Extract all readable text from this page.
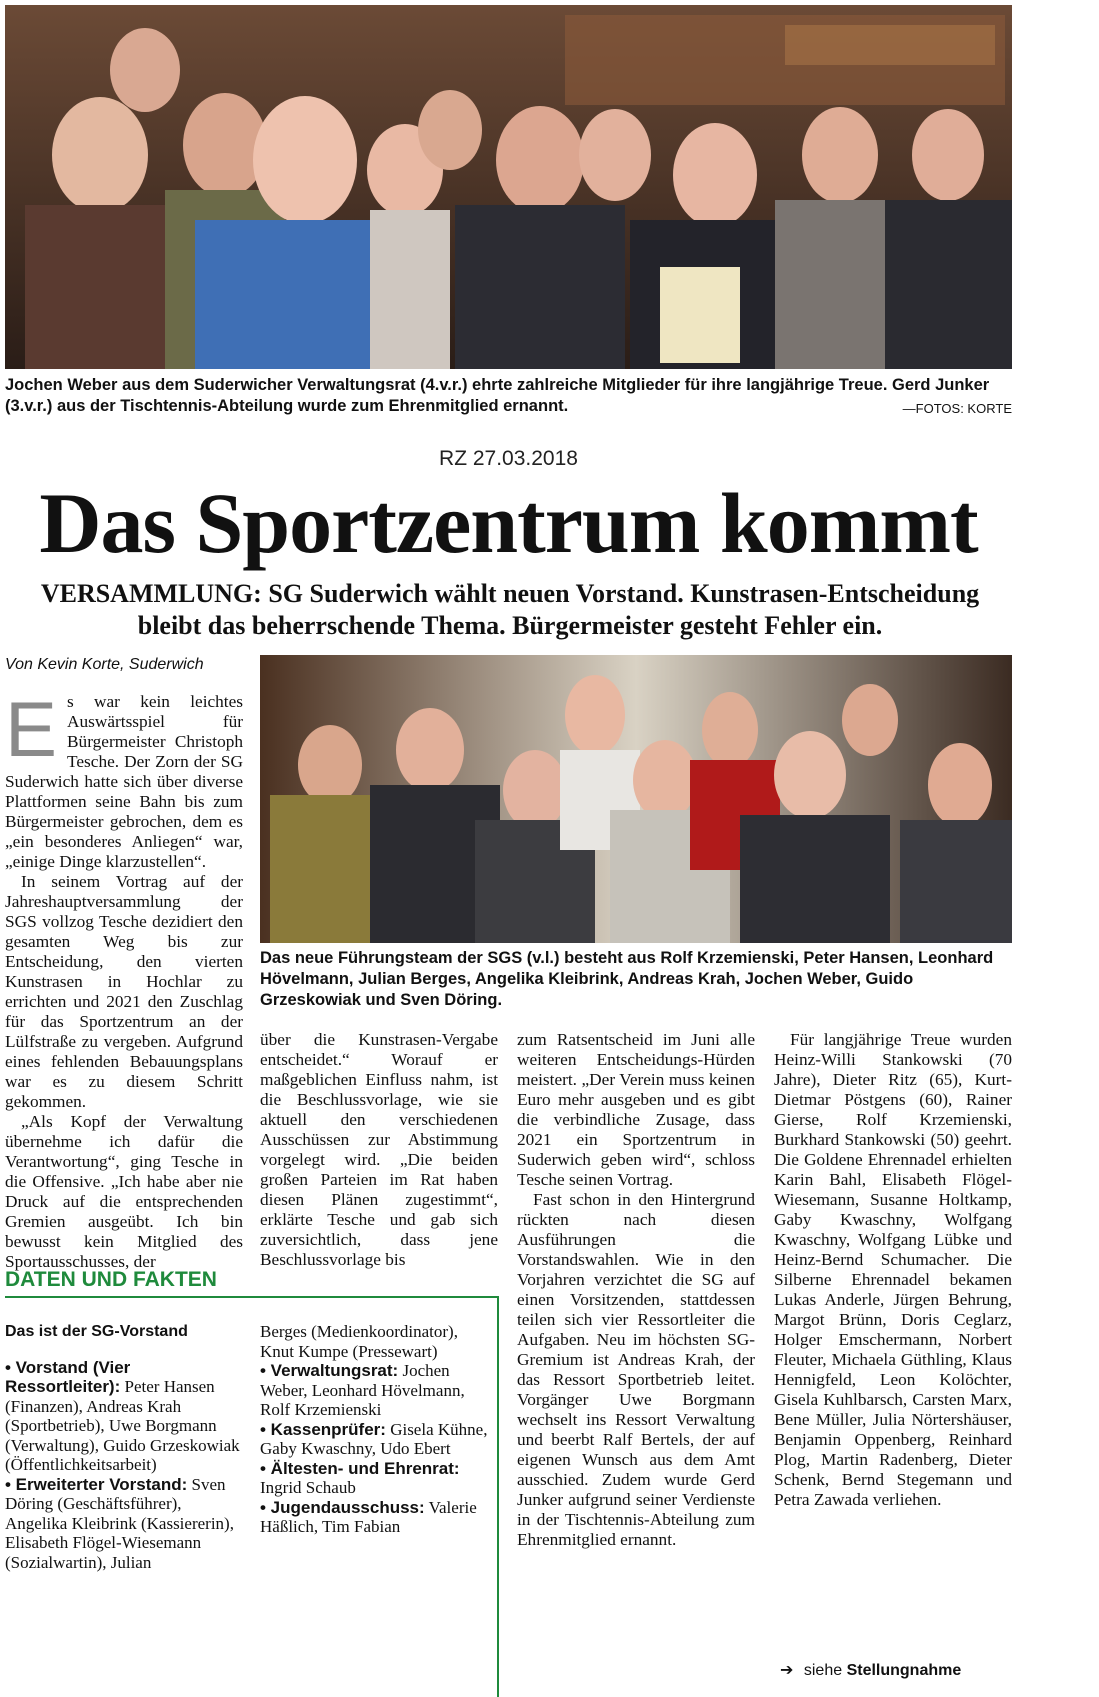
Jochen Weber aus dem Suderwicher Verwaltungsrat (4.v.r.) ehrte zahlreiche Mitglieder für ihre langjährige Treue. Gerd Junker (3.v.r.) aus der Tischtennis-Abteilung wurde zum Ehrenmitglied ernannt.	—FOTOS: KORTE
RZ 27.03.2018
Das Sportzentrum kommt
VERSAMMLUNG: SG Suderwich wählt neuen Vorstand. Kunstrasen-Entscheidung bleibt das beherrschende Thema. Bürgermeister gesteht Fehler ein.
Von Kevin Korte, Suderwich
Das neue Führungsteam der SGS (v.l.) besteht aus Rolf Krzemienski, Peter Hansen, Leonhard Hövelmann, Julian Berges, Angelika Kleibrink, Andreas Krah, Jochen Weber, Guido Grzeskowiak und Sven Döring.

Es war kein leichtes Auswärtsspiel für Bürgermeister Christoph Tesche. Der Zorn der SG Suderwich hatte sich über diverse Plattformen seine Bahn bis zum Bürgermeister gebrochen, dem es „ein besonderes Anliegen“ war, „einige Dinge klarzustellen“.

In seinem Vortrag auf der Jahreshauptversammlung der SGS vollzog Tesche dezidiert den gesamten Weg bis zur Entscheidung, den vierten Kunstrasen in Hochlar zu errichten und 2021 den Zuschlag für das Sportzentrum an der Lülfstraße zu vergeben. Aufgrund eines fehlenden Bebauungsplans war es zu diesem Schritt gekommen.

„Als Kopf der Verwaltung übernehme ich dafür die Verantwortung“, ging Tesche in die Offensive. „Ich habe aber nie Druck auf die entsprechenden Gremien ausgeübt. Ich bin bewusst kein Mitglied des Sportausschusses, der

über die Kunstrasen-Vergabe entscheidet.“ Worauf er maßgeblichen Einfluss nahm, ist die Beschlussvorlage, wie sie aktuell den verschiedenen Ausschüssen zur Abstimmung vorgelegt wird. „Die beiden großen Parteien im Rat haben diesen Plänen zugestimmt“, erklärte Tesche und gab sich zuversichtlich, dass jene Beschlussvorlage bis

zum Ratsentscheid im Juni alle weiteren Entscheidungs-Hürden meistert. „Der Verein muss keinen Euro mehr ausgeben und es gibt die verbindliche Zusage, dass 2021 ein Sportzentrum in Suderwich geben wird“, schloss Tesche seinen Vortrag.

Fast schon in den Hintergrund rückten nach diesen Ausführungen die Vorstandswahlen. Wie in den Vorjahren verzichtet die SG auf einen Vorsitzenden, stattdessen teilen sich vier Ressortleiter die Aufgaben. Neu im höchsten SG-Gremium ist Andreas Krah, der das Ressort Sportbetrieb leitet. Vorgänger Uwe Borgmann wechselt ins Ressort Verwaltung und beerbt Ralf Bertels, der auf eigenen Wunsch aus dem Amt ausschied. Zudem wurde Gerd Junker aufgrund seiner Verdienste in der Tischtennis-Abteilung zum Ehrenmitglied ernannt.

Für langjährige Treue wurden Heinz-Willi Stankowski (70 Jahre), Dieter Ritz (65), Kurt-Dietmar Pöstgens (60), Rainer Gierse, Rolf Krzemienski, Burkhard Stankowski (50) geehrt. Die Goldene Ehrennadel erhielten Karin Bahl, Elisabeth Flögel-Wiesemann, Susanne Holtkamp, Gaby Kwaschny, Wolfgang Kwaschny, Wolfgang Lübke und Heinz-Bernd Schumacher. Die Silberne Ehrennadel bekamen Lukas Anderle, Jürgen Behrung, Margot Brünn, Doris Ceglarz, Holger Emschermann, Norbert Fleuter, Michaela Güthling, Klaus Hennigfeld, Leon Kolöchter, Gisela Kuhlbarsch, Carsten Marx, Bene Müller, Julia Nörtershäuser, Benjamin Oppenberg, Reinhard Plog, Martin Radenberg, Dieter Schenk, Bernd Stegemann und Petra Zawada verliehen.

➔ siehe Stellungnahme
DATEN UND FAKTEN
Das ist der SG-Vorstand

• Vorstand (Vier Ressortleiter): Peter Hansen (Finanzen), Andreas Krah (Sportbetrieb), Uwe Borgmann (Verwaltung), Guido Grzeskowiak (Öffentlichkeitsarbeit)

• Erweiterter Vorstand: Sven Döring (Geschäftsführer), Angelika Kleibrink (Kassiererin), Elisabeth Flögel-Wiesemann (Sozialwartin), Julian

Berges (Medienkoordinator), Knut Kumpe (Pressewart)

• Verwaltungsrat: Jochen Weber, Leonhard Hövelmann, Rolf Krzemienski

• Kassenprüfer: Gisela Kühne, Gaby Kwaschny, Udo Ebert

• Ältesten- und Ehrenrat: Ingrid Schaub

• Jugendausschuss: Valerie Häßlich, Tim Fabian
